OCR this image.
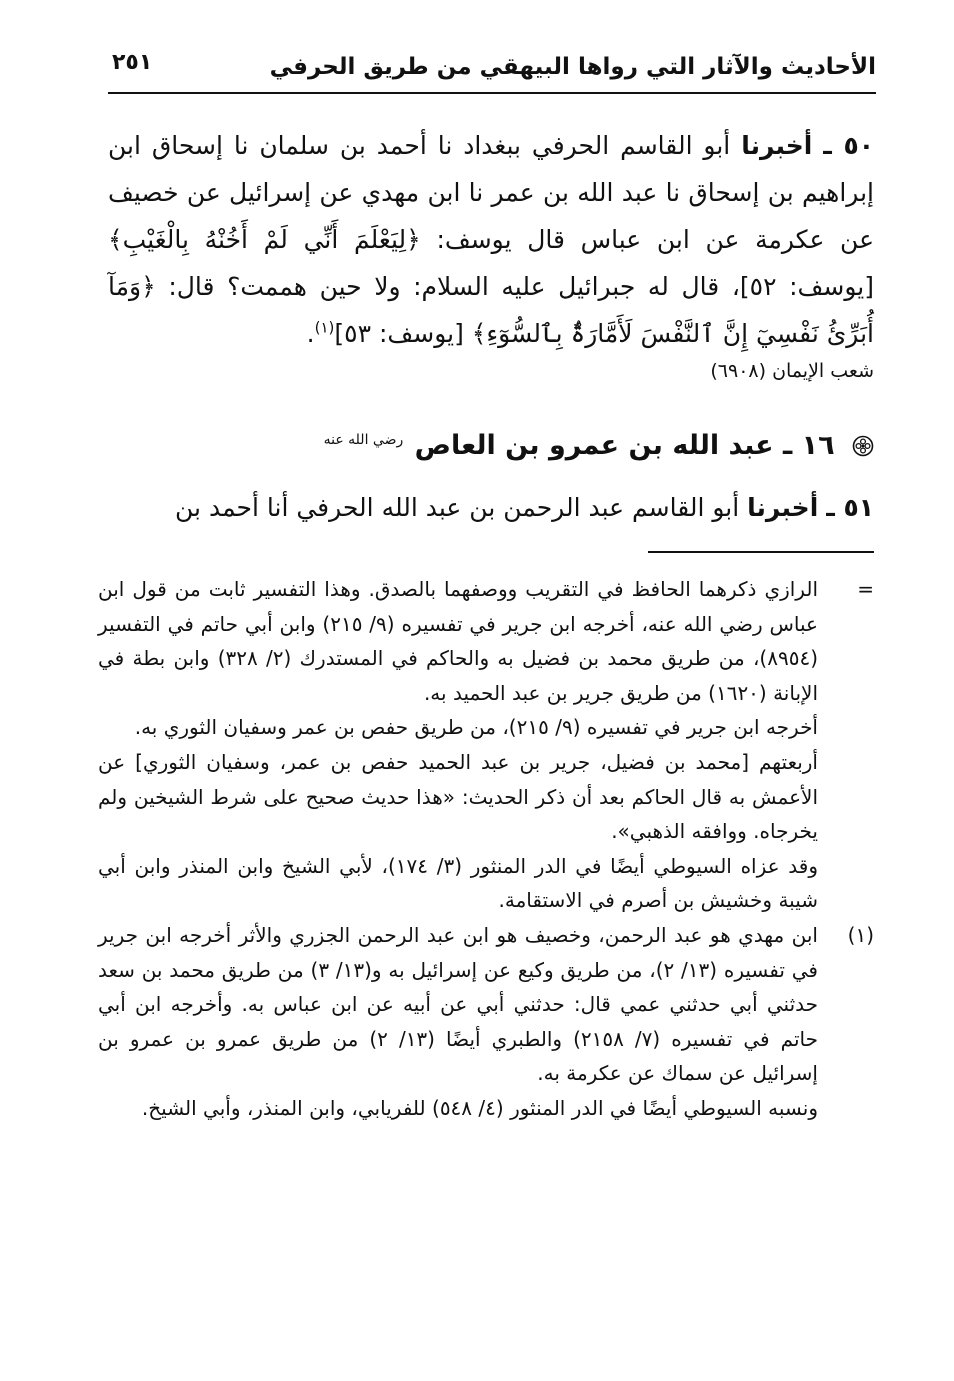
الأحاديث والآثار التي رواها البيهقي من طريق الحرفي
٢٥١

٥٠ ـ أخبرنا أبو القاسم الحرفي ببغداد نا أحمد بن سلمان نا إسحاق ابن إبراهيم بن إسحاق نا عبد الله بن عمر نا ابن مهدي عن إسرائيل عن خصيف عن عكرمة عن ابن عباس قال يوسف: ﴿لِيَعْلَمَ أَنِّي لَمْ أَخُنْهُ بِالْغَيْبِ﴾ [يوسف: ٥٢]، قال له جبرائيل عليه السلام: ولا حين هممت؟ قال: ﴿وَمَآ أُبَرِّئُ نَفْسِيٓ إِنَّ ٱلنَّفْسَ لَأَمَّارَةٌۢ بِٱلسُّوٓءِ﴾ [يوسف: ٥٣]$^{(١)}$.

شعب الإيمان (٦٩٠٨)
١٦ ـ عبد الله بن عمرو بن العاص $^{رضي الله عنه}$

٥١ ـ أخبرنا أبو القاسم عبد الرحمن بن عبد الله الحرفي أنا أحمد بن

=
الرازي ذكرهما الحافظ في التقريب ووصفهما بالصدق. وهذا التفسير ثابت من قول ابن عباس رضي الله عنه، أخرجه ابن جرير في تفسيره (٩/ ٢١٥) وابن أبي حاتم في التفسير (٨٩٥٤)، من طريق محمد بن فضيل به والحاكم في المستدرك (٢/ ٣٢٨) وابن بطة في الإبانة (١٦٢٠) من طريق جرير بن عبد الحميد به.
أخرجه ابن جرير في تفسيره (٩/ ٢١٥)، من طريق حفص بن عمر وسفيان الثوري به.
أربعتهم [محمد بن فضيل، جرير بن عبد الحميد حفص بن عمر، وسفيان الثوري] عن الأعمش به قال الحاكم بعد أن ذكر الحديث: «هذا حديث صحيح على شرط الشيخين ولم يخرجاه. ووافقه الذهبي».
وقد عزاه السيوطي أيضًا في الدر المنثور (٣/ ١٧٤)، لأبي الشيخ وابن المنذر وابن أبي شيبة وخشيش بن أصرم في الاستقامة.
(١)
ابن مهدي هو عبد الرحمن، وخصيف هو ابن عبد الرحمن الجزري والأثر أخرجه ابن جرير في تفسيره (١٣/ ٢)، من طريق وكيع عن إسرائيل به و(١٣/ ٣) من طريق محمد بن سعد حدثني أبي حدثني عمي قال: حدثني أبي عن أبيه عن ابن عباس به. وأخرجه ابن أبي حاتم في تفسيره (٧/ ٢١٥٨) والطبري أيضًا (١٣/ ٢) من طريق عمرو بن عمرو بن إسرائيل عن سماك عن عكرمة به.
ونسبه السيوطي أيضًا في الدر المنثور (٤/ ٥٤٨) للفريابي، وابن المنذر، وأبي الشيخ.
